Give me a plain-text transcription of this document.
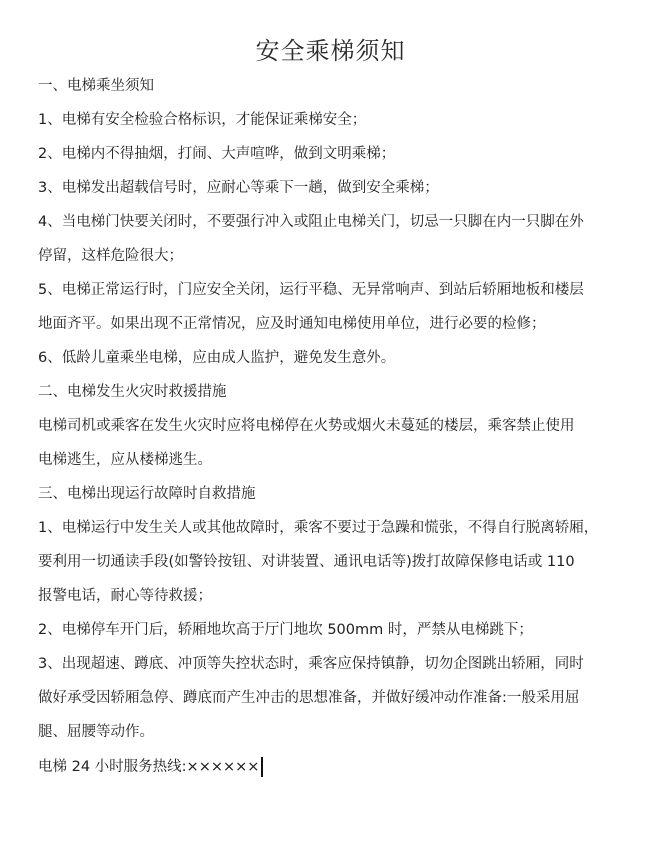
安全乘梯须知
一、电梯乘坐须知
1、电梯有安全检验合格标识，才能保证乘梯安全；
2、电梯内不得抽烟，打闹、大声喧哗，做到文明乘梯；
3、电梯发出超载信号时，应耐心等乘下一趟，做到安全乘梯；
4、当电梯门快要关闭时，不要强行冲入或阻止电梯关门，切忌一只脚在内一只脚在外
停留，这样危险很大；
5、电梯正常运行时，门应安全关闭，运行平稳、无异常响声、到站后轿厢地板和楼层
地面齐平。如果出现不正常情况，应及时通知电梯使用单位，进行必要的检修；
6、低龄儿童乘坐电梯，应由成人监护，避免发生意外。
二、电梯发生火灾时救援措施
电梯司机或乘客在发生火灾时应将电梯停在火势或烟火未蔓延的楼层，乘客禁止使用
电梯逃生，应从楼梯逃生。
三、电梯出现运行故障时自救措施
1、电梯运行中发生关人或其他故障时，乘客不要过于急躁和慌张，不得自行脱离轿厢，
要利用一切通读手段(如警铃按钮、对讲装置、通讯电话等)拨打故障保修电话或 110
报警电话，耐心等待救援；
2、电梯停车开门后，轿厢地坎高于厅门地坎 500mm 时，严禁从电梯跳下；
3、出现超速、蹲底、冲顶等失控状态时，乘客应保持镇静，切勿企图跳出轿厢，同时
做好承受因轿厢急停、蹲底而产生冲击的思想准备，并做好缓冲动作准备:一般采用屈
腿、屈腰等动作。
电梯 24 小时服务热线:××××××
